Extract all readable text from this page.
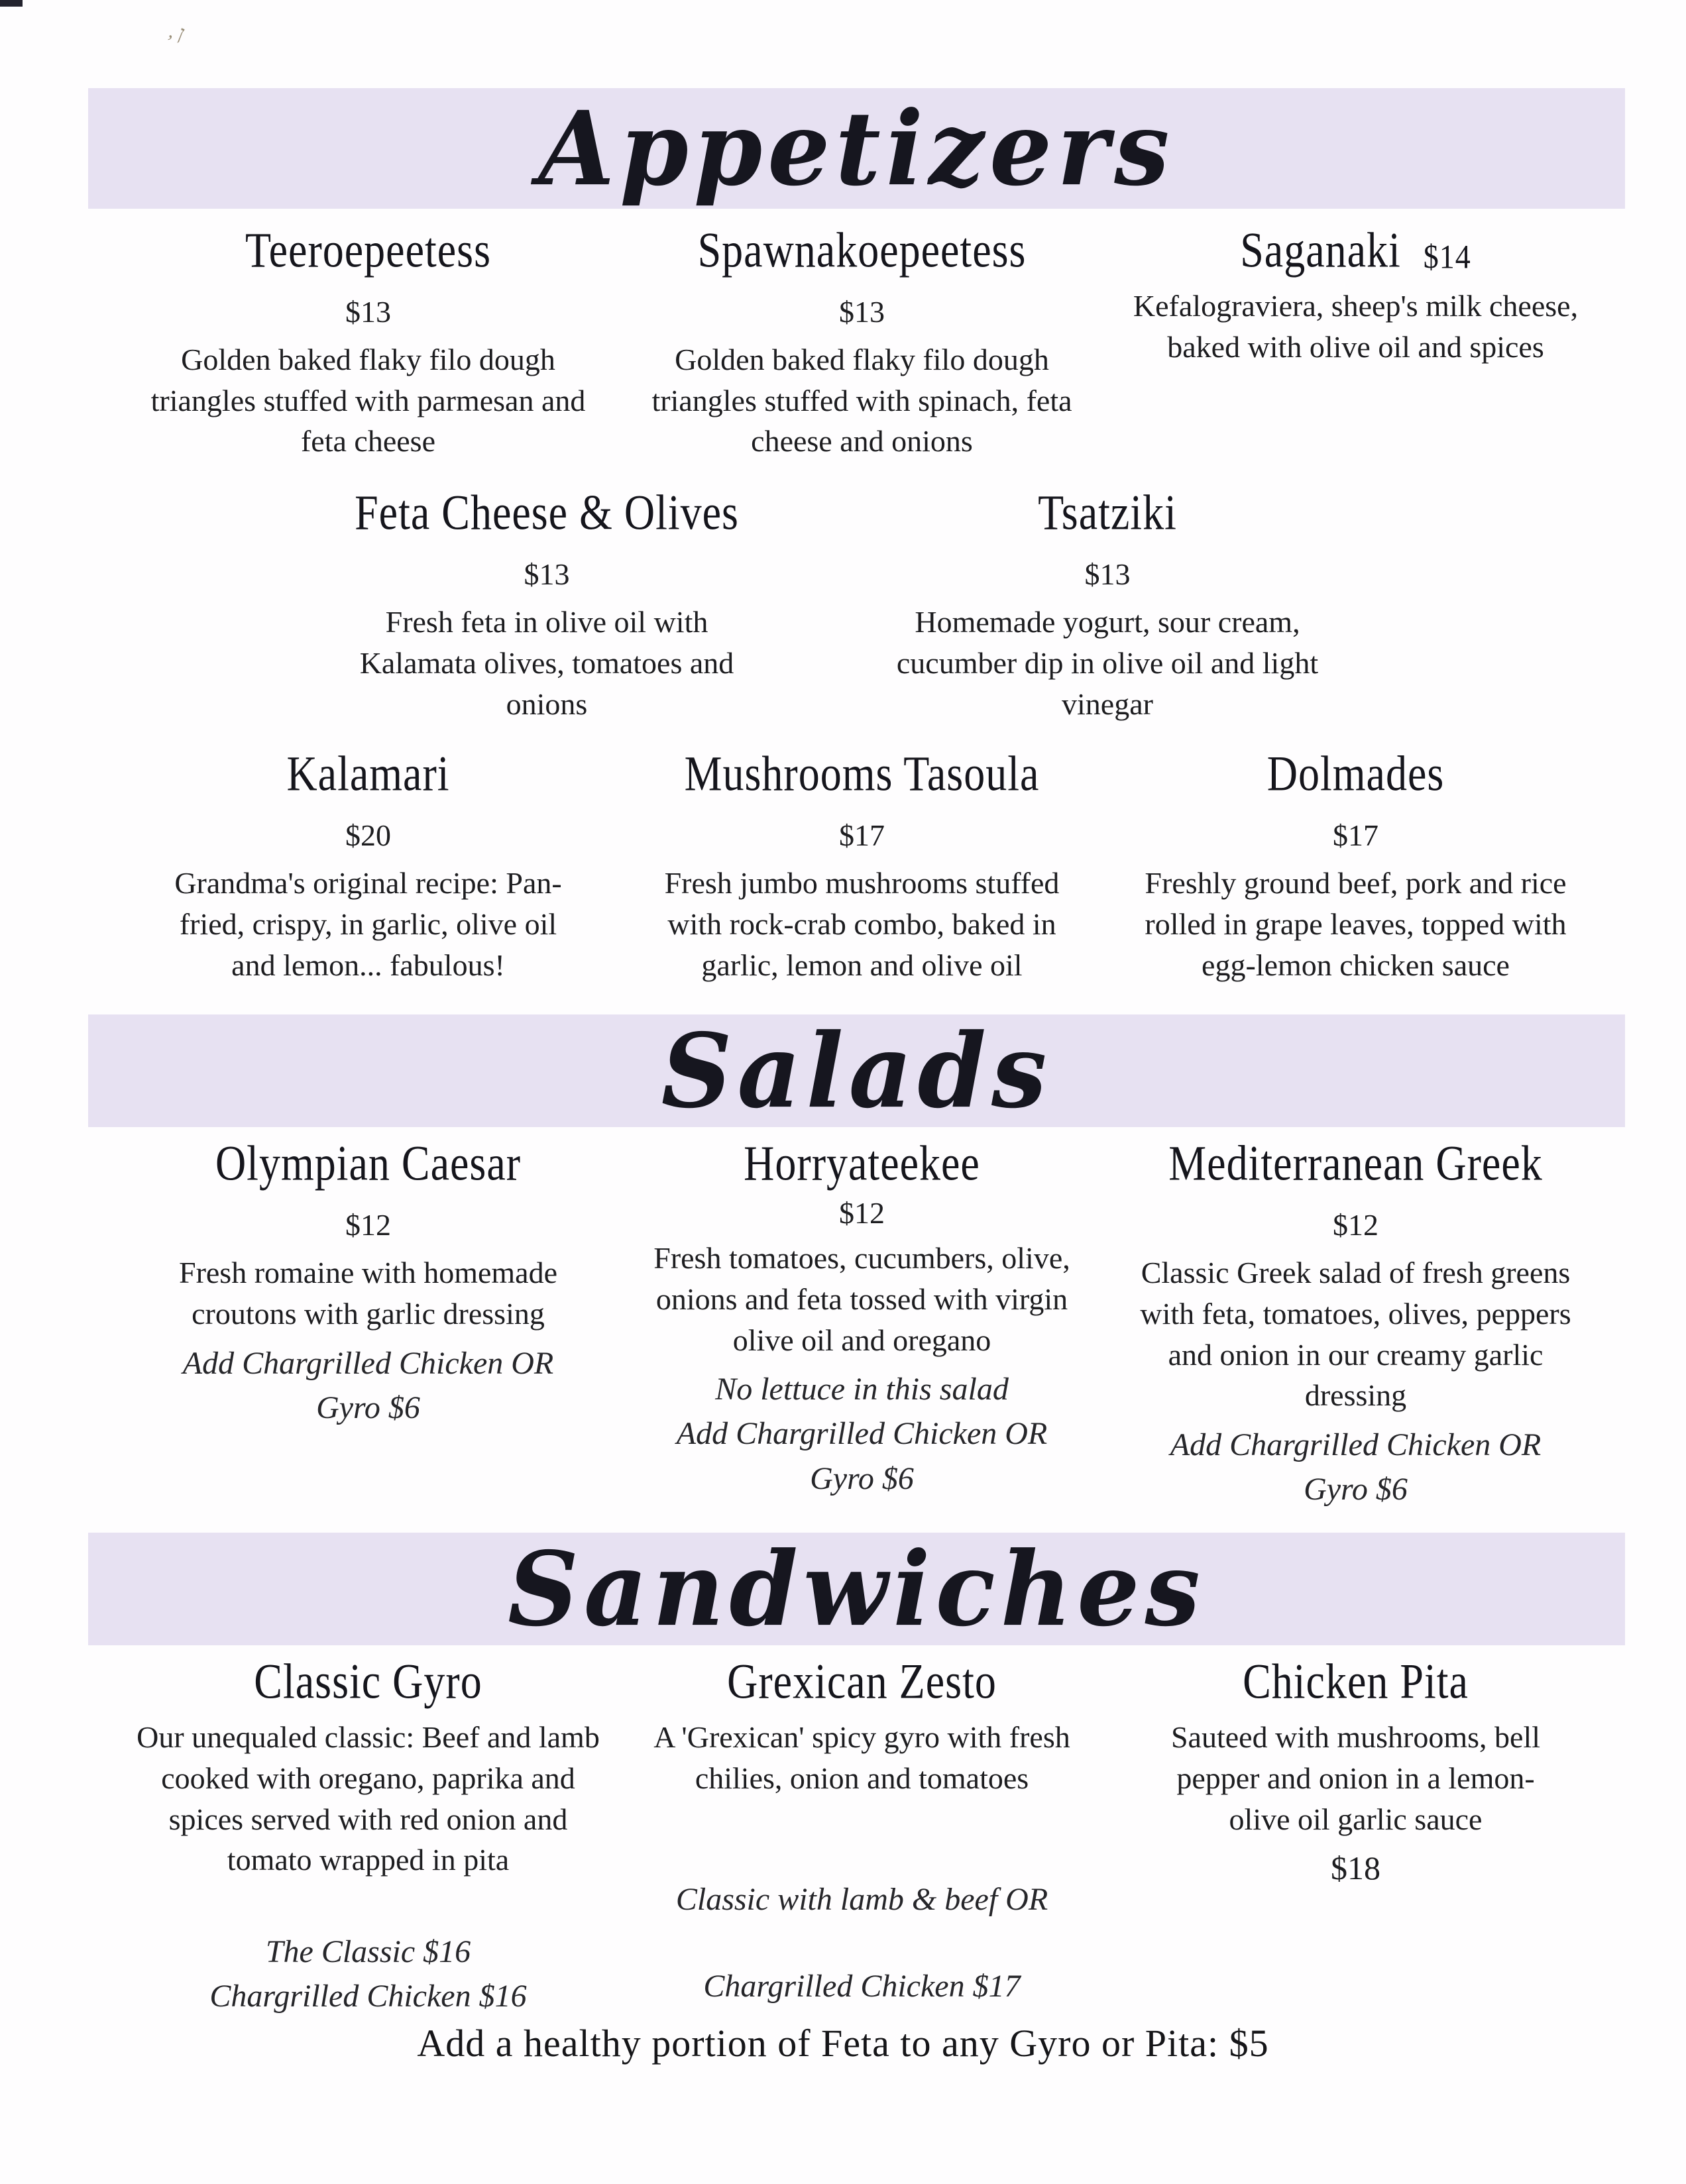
, ן
Appetizers
Teeroepeetess
$13
Golden baked flaky filo dough triangles stuffed with parmesan and feta cheese
Spawnakoepeetess
$13
Golden baked flaky filo dough triangles stuffed with spinach, feta cheese and onions
Saganaki $14
Kefalograviera, sheep's milk cheese, baked with olive oil and spices
Feta Cheese & Olives
$13
Fresh feta in olive oil with Kalamata olives, tomatoes and onions
Tsatziki
$13
Homemade yogurt, sour cream, cucumber dip in olive oil and light vinegar
Kalamari
$20
Grandma's original recipe: Pan-fried, crispy, in garlic, olive oil and lemon... fabulous!
Mushrooms Tasoula
$17
Fresh jumbo mushrooms stuffed with rock-crab combo, baked in garlic, lemon and olive oil
Dolmades
$17
Freshly ground beef, pork and rice rolled in grape leaves, topped with egg-lemon chicken sauce
Salads
Olympian Caesar
$12
Fresh romaine with homemade croutons with garlic dressing
Add Chargrilled Chicken OR Gyro $6
Horryateekee
$12
Fresh tomatoes, cucumbers, olive, onions and feta tossed with virgin olive oil and oregano
No lettuce in this salad
Add Chargrilled Chicken OR Gyro $6
Mediterranean Greek
$12
Classic Greek salad of fresh greens with feta, tomatoes, olives, peppers and onion in our creamy garlic dressing
Add Chargrilled Chicken OR Gyro $6
Sandwiches
Classic Gyro
Our unequaled classic: Beef and lamb cooked with oregano, paprika and spices served with red onion and tomato wrapped in pita
The Classic $16
Chargrilled Chicken $16
Grexican Zesto
A 'Grexican' spicy gyro with fresh chilies, onion and tomatoes
Classic with lamb & beef OR
Chargrilled Chicken $17
Chicken Pita
Sauteed with mushrooms, bell pepper and onion in a lemon-olive oil garlic sauce
$18
Add a healthy portion of Feta to any Gyro or Pita: $5
